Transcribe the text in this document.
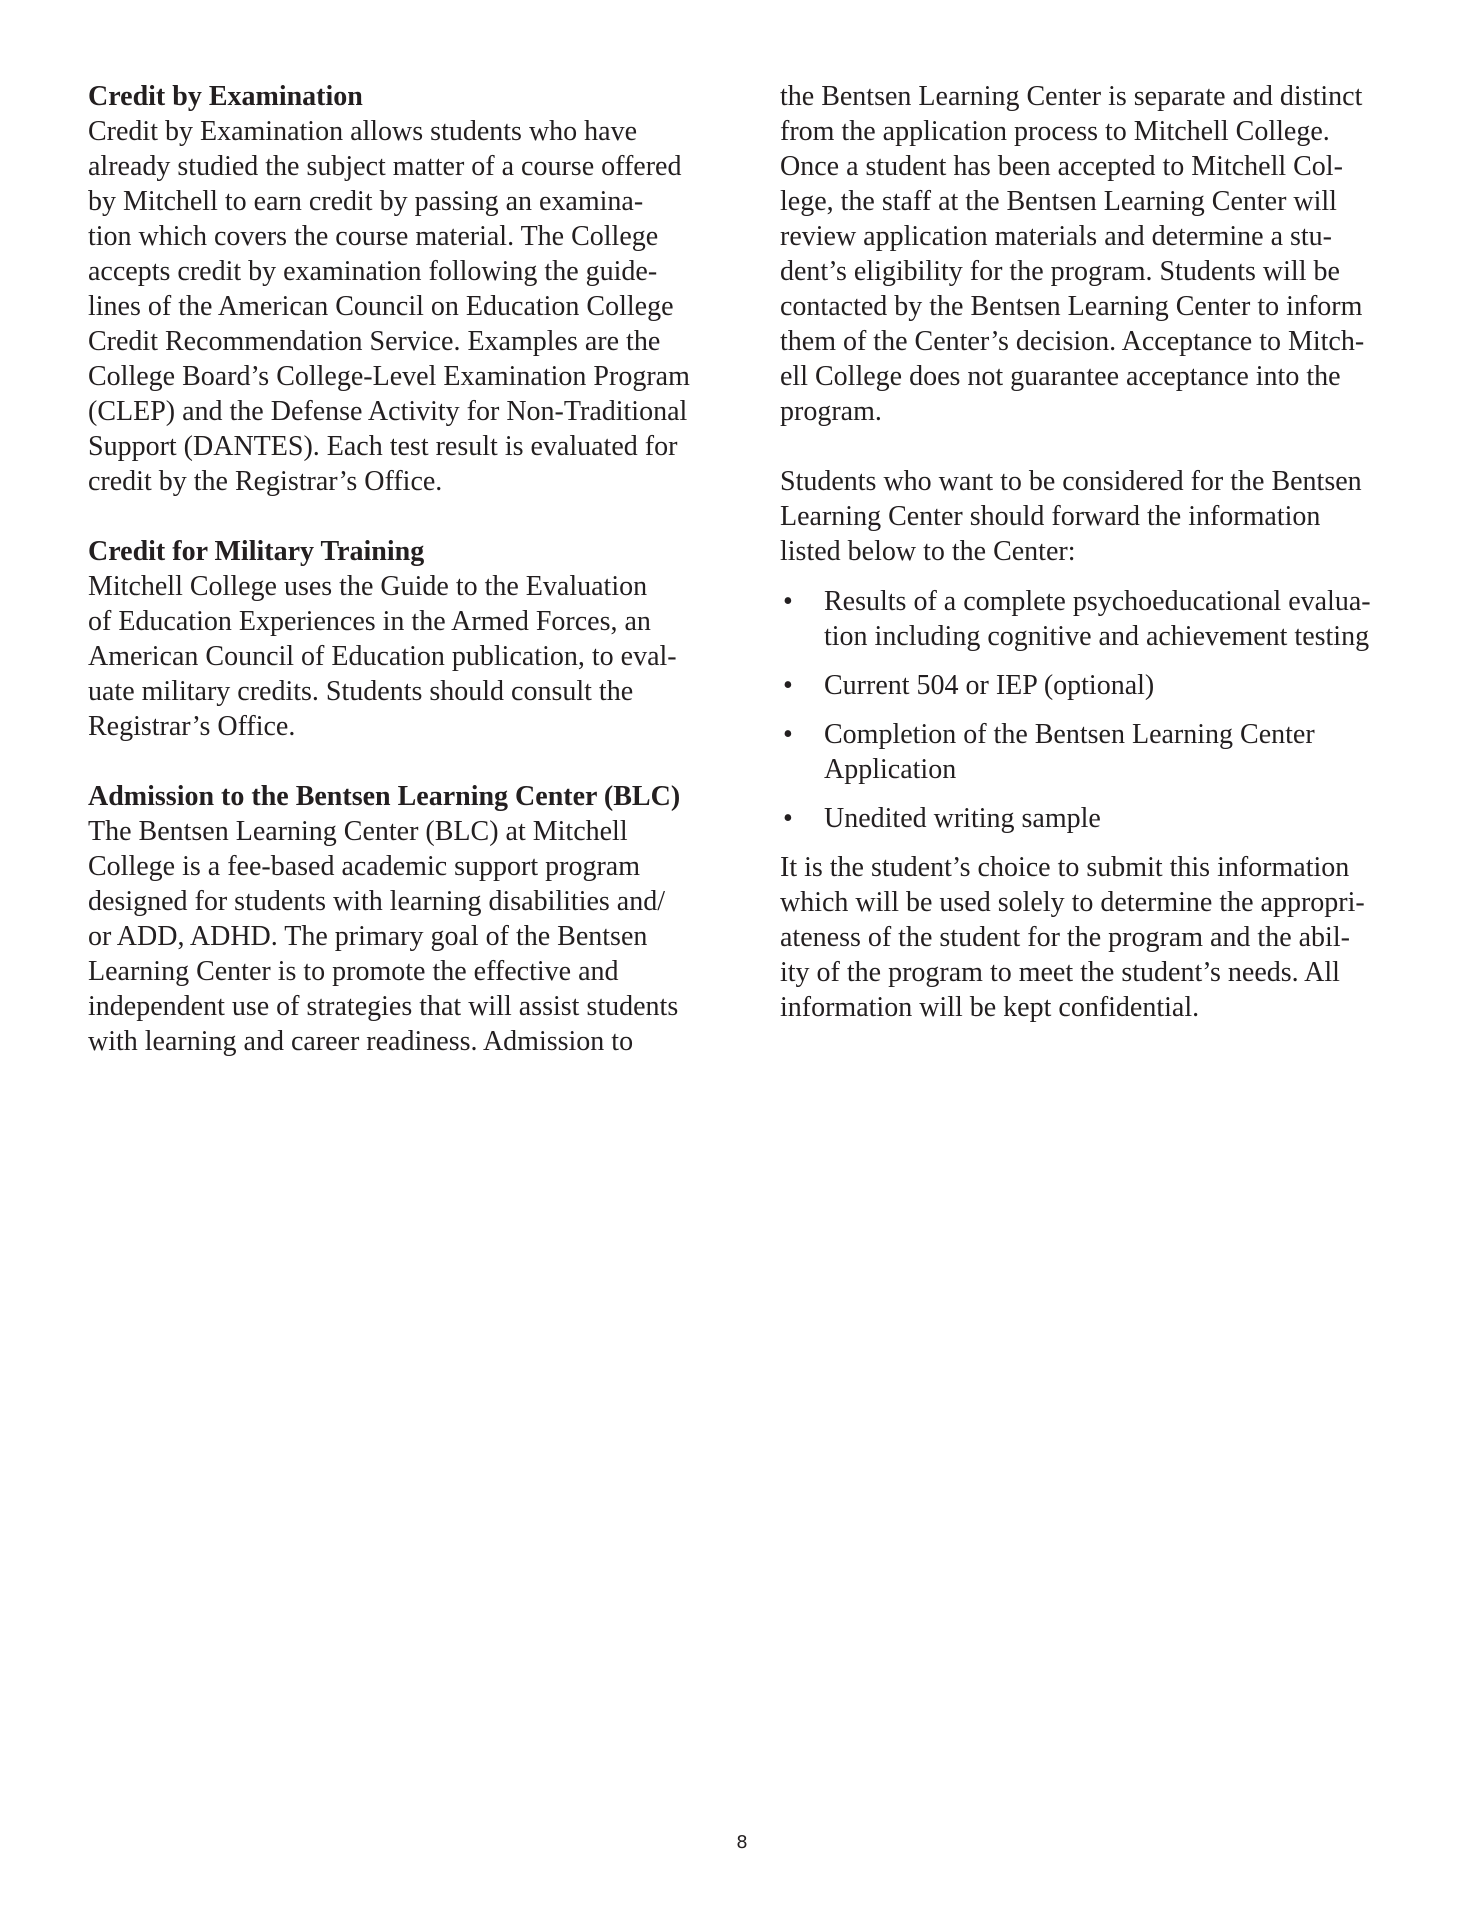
Credit by Examination
Credit by Examination allows students who have
already studied the subject matter of a course offered
by Mitchell to earn credit by passing an examina-
tion which covers the course material. The College
accepts credit by examination following the guide-
lines of the American Council on Education College
Credit Recommendation Service. Examples are the
College Board’s College-Level Examination Program
(CLEP) and the Defense Activity for Non-Traditional
Support (DANTES). Each test result is evaluated for
credit by the Registrar’s Office.
Credit for Military Training
Mitchell College uses the Guide to the Evaluation
of Education Experiences in the Armed Forces, an
American Council of Education publication, to eval-
uate military credits. Students should consult the
Registrar’s Office.
Admission to the Bentsen Learning Center (BLC)
The Bentsen Learning Center (BLC) at Mitchell
College is a fee-based academic support program
designed for students with learning disabilities and/
or ADD, ADHD. The primary goal of the Bentsen
Learning Center is to promote the effective and
independent use of strategies that will assist students
with learning and career readiness. Admission to
the Bentsen Learning Center is separate and distinct
from the application process to Mitchell College.
Once a student has been accepted to Mitchell Col-
lege, the staff at the Bentsen Learning Center will
review application materials and determine a stu-
dent’s eligibility for the program. Students will be
contacted by the Bentsen Learning Center to inform
them of the Center’s decision. Acceptance to Mitch-
ell College does not guarantee acceptance into the
program.
Students who want to be considered for the Bentsen
Learning Center should forward the information
listed below to the Center:
• Results of a complete psychoeducational evalua-
tion including cognitive and achievement testing
• Current 504 or IEP (optional)
• Completion of the Bentsen Learning Center
Application
• Unedited writing sample
It is the student’s choice to submit this information
which will be used solely to determine the appropri-
ateness of the student for the program and the abil-
ity of the program to meet the student’s needs. All
information will be kept confidential.
8
